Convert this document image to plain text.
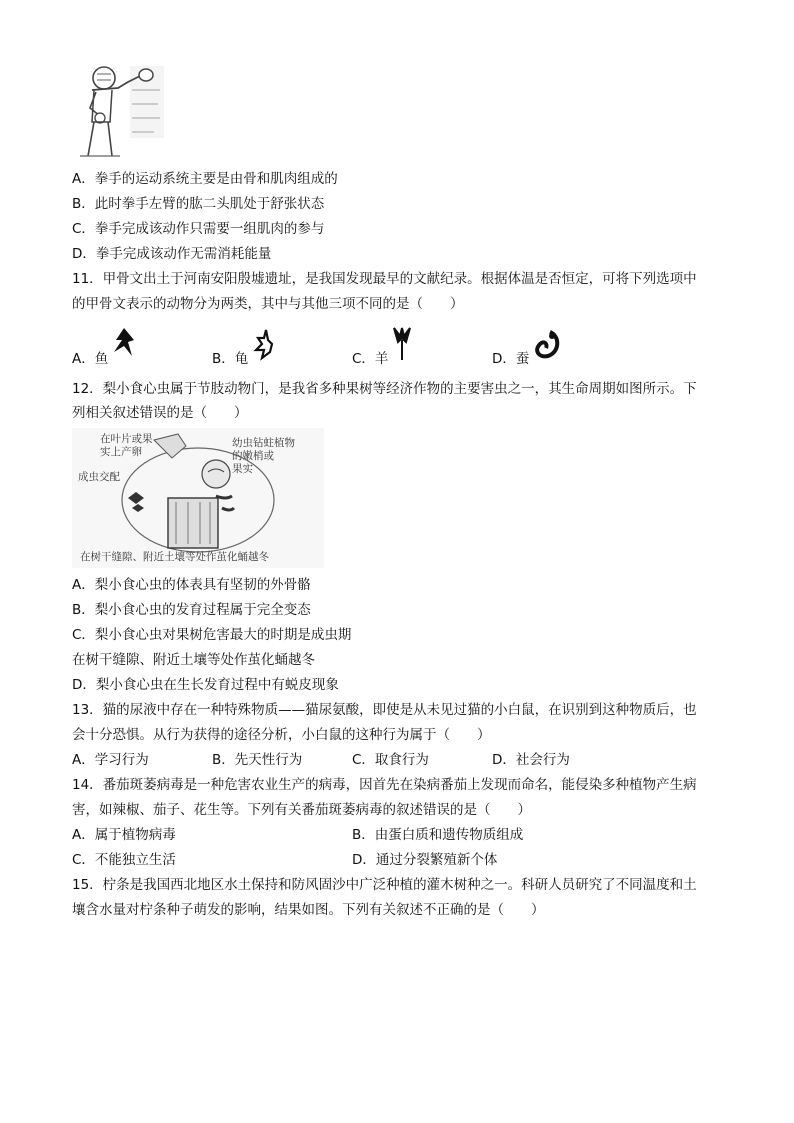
A．拳手的运动系统主要是由骨和肌肉组成的
B．此时拳手左臂的肱二头肌处于舒张状态
C．拳手完成该动作只需要一组肌肉的参与
D．拳手完成该动作无需消耗能量
11．甲骨文出土于河南安阳殷墟遗址，是我国发现最早的文献纪录。根据体温是否恒定，可将下列选项中
的甲骨文表示的动物分为两类，其中与其他三项不同的是（　　）
A．鱼	B．龟	C．羊	D．蚕
12．梨小食心虫属于节肢动物门，是我省多种果树等经济作物的主要害虫之一，其生命周期如图所示。下
列相关叙述错误的是（　　）
在叶片或果
实上产卵
幼虫钻蛀植物
的嫩梢或
果实
成虫交配
在树干缝隙、附近土壤等处作茧化蛹越冬
A．梨小食心虫的体表具有坚韧的外骨骼
B．梨小食心虫的发育过程属于完全变态
C．梨小食心虫对果树危害最大的时期是成虫期
在树干缝隙、附近土壤等处作茧化蛹越冬
D．梨小食心虫在生长发育过程中有蜕皮现象
13．猫的尿液中存在一种特殊物质——猫尿氨酸，即使是从未见过猫的小白鼠，在识别到这种物质后，也
会十分恐惧。从行为获得的途径分析，小白鼠的这种行为属于（　　）
A．学习行为	B．先天性行为	C．取食行为	D．社会行为
14．番茄斑萎病毒是一种危害农业生产的病毒，因首先在染病番茄上发现而命名，能侵染多种植物产生病
害，如辣椒、茄子、花生等。下列有关番茄斑萎病毒的叙述错误的是（　　）
A．属于植物病毒	B．由蛋白质和遗传物质组成
C．不能独立生活	D．通过分裂繁殖新个体
15．柠条是我国西北地区水土保持和防风固沙中广泛种植的灌木树种之一。科研人员研究了不同温度和土
壤含水量对柠条种子萌发的影响，结果如图。下列有关叙述不正确的是（　　）
